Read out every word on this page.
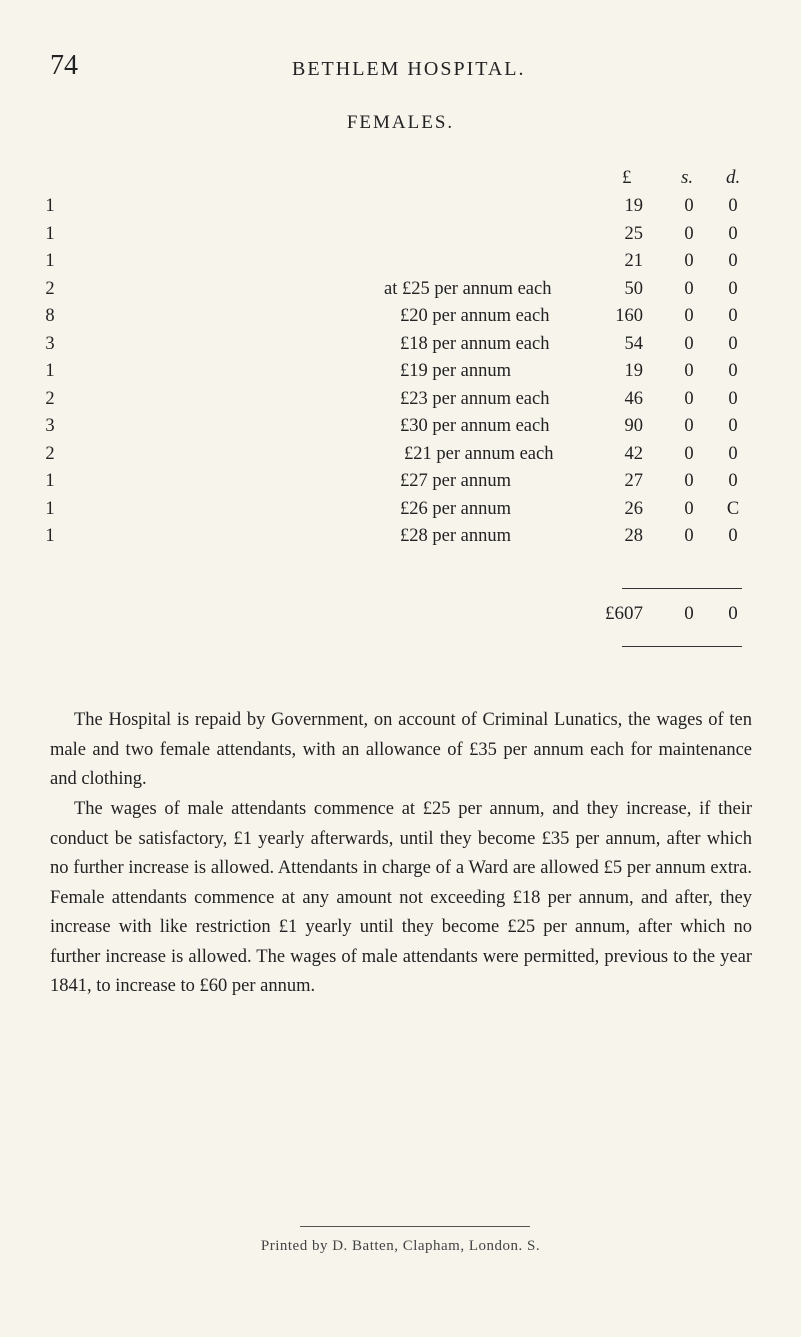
74	BETHLEM HOSPITAL.
FEMALES.
£	s. d.
1	19 0 0
1	25 0 0
1	21 0 0
2	at £25 per annum each	50 0 0
8	£20 per annum each	160 0 0
3	£18 per annum each	54 0 0
1	£19 per annum	19 0 0
2	£23 per annum each	46 0 0
3	£30 per annum each	90 0 0
2	£21 per annum each	42 0 0
1	£27 per annum	27 0 0
1	£26 per annum	26 0 C
1	£28 per annum	28 0 0
£607 0 0

The Hospital is repaid by Government, on account of Criminal Lunatics, the wages of ten male and two female attendants, with an allowance of £35 per annum each for maintenance and clothing.

The wages of male attendants commence at £25 per annum, and they increase, if their conduct be satisfactory, £1 yearly afterwards, until they become £35 per annum, after which no further increase is allowed. Attendants in charge of a Ward are allowed £5 per annum extra. Female attendants commence at any amount not exceeding £18 per annum, and after, they increase with like restriction £1 yearly until they become £25 per annum, after which no further increase is allowed. The wages of male attendants were permitted, previous to the year 1841, to increase to £60 per annum.

Printed by D. Batten, Clapham, London. S.
